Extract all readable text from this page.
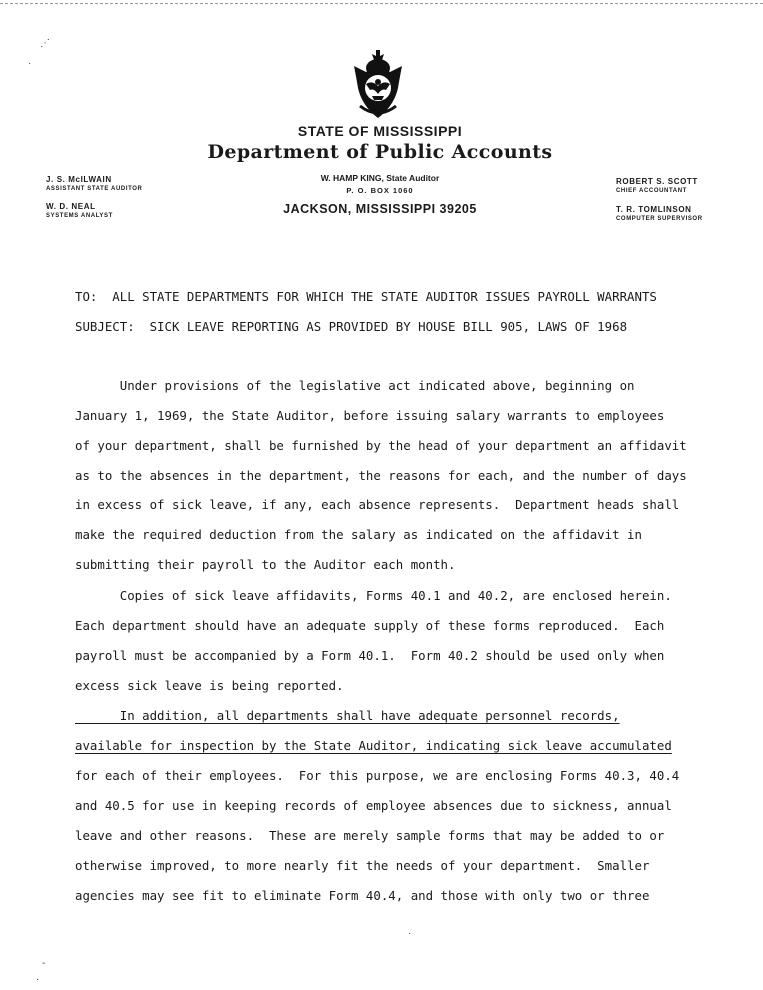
⋰
·
STATE OF MISSISSIPPI
Department of Public Accounts
W. HAMP KING, State Auditor
P. O. BOX 1060
JACKSON, MISSISSIPPI 39205
J. S. McILWAIN
ASSISTANT STATE AUDITOR
W. D. NEAL
SYSTEMS ANALYST
ROBERT S. SCOTT
CHIEF ACCOUNTANT
T. R. TOMLINSON
COMPUTER SUPERVISOR
TO:  ALL STATE DEPARTMENTS FOR WHICH THE STATE AUDITOR ISSUES PAYROLL WARRANTS
SUBJECT:  SICK LEAVE REPORTING AS PROVIDED BY HOUSE BILL 905, LAWS OF 1968
Under provisions of the legislative act indicated above, beginning on
January 1, 1969, the State Auditor, before issuing salary warrants to employees
of your department, shall be furnished by the head of your department an affidavit
as to the absences in the department, the reasons for each, and the number of days
in excess of sick leave, if any, each absence represents.  Department heads shall
make the required deduction from the salary as indicated on the affidavit in
submitting their payroll to the Auditor each month.
Copies of sick leave affidavits, Forms 40.1 and 40.2, are enclosed herein.
Each department should have an adequate supply of these forms reproduced.  Each
payroll must be accompanied by a Form 40.1.  Form 40.2 should be used only when
excess sick leave is being reported.
In addition, all departments shall have adequate personnel records,
available for inspection by the State Auditor, indicating sick leave accumulated
for each of their employees.  For this purpose, we are enclosing Forms 40.3, 40.4
and 40.5 for use in keeping records of employee absences due to sickness, annual
leave and other reasons.  These are merely sample forms that may be added to or
otherwise improved, to more nearly fit the needs of your department.  Smaller
agencies may see fit to eliminate Form 40.4, and those with only two or three
·
-
·
